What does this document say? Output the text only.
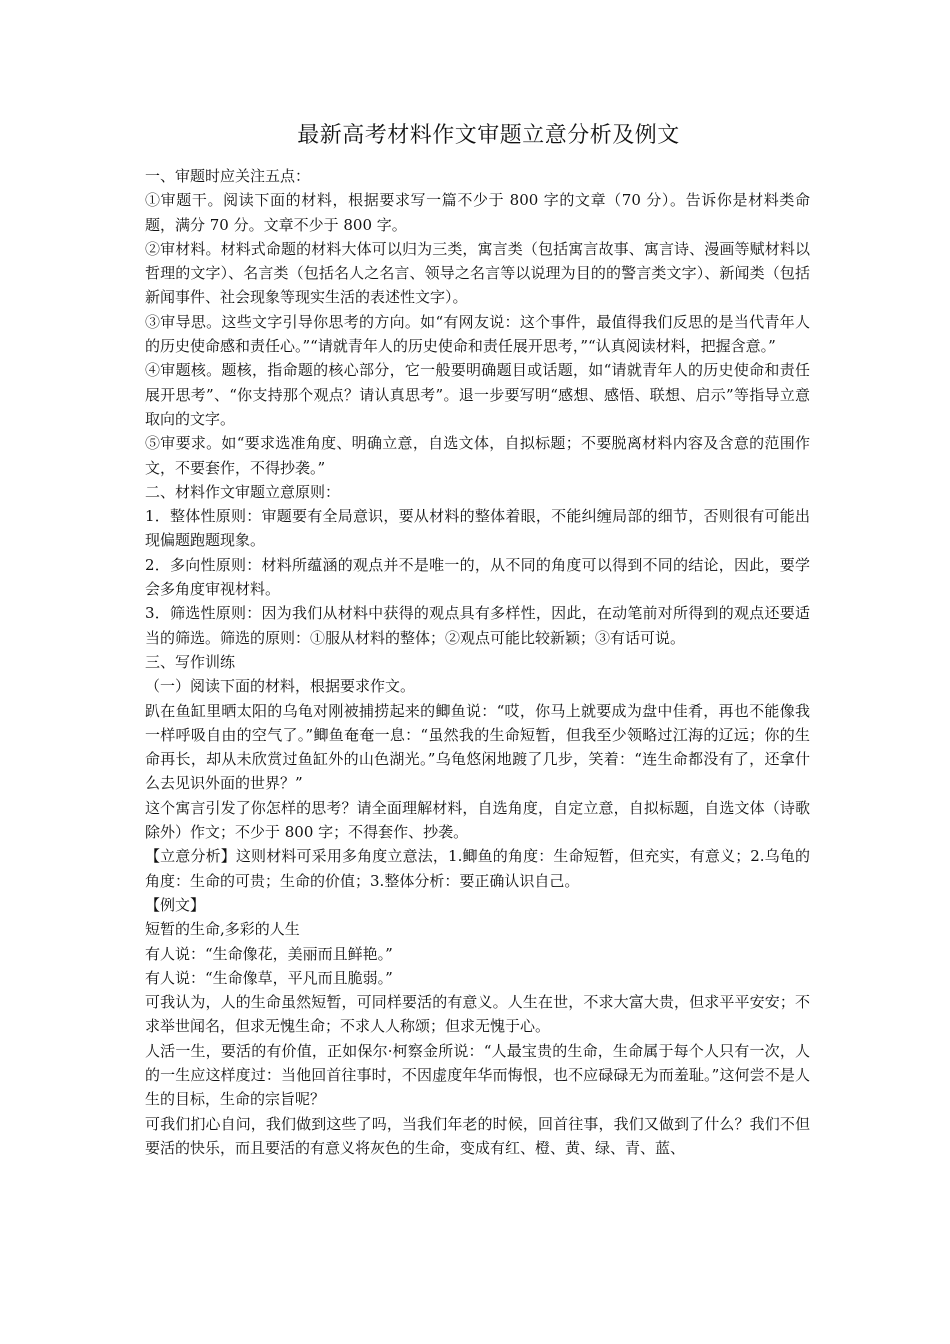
最新高考材料作文审题立意分析及例文

一、审题时应关注五点：

①审题干。阅读下面的材料，根据要求写一篇不少于 800 字的文章（70 分）。告诉你是材料类命题，满分 70 分。文章不少于 800 字。

②审材料。材料式命题的材料大体可以归为三类，寓言类（包括寓言故事、寓言诗、漫画等赋材料以哲理的文字）、名言类（包括名人之名言、领导之名言等以说理为目的的警言类文字）、新闻类（包括新闻事件、社会现象等现实生活的表述性文字）。

③审导思。这些文字引导你思考的方向。如“有网友说：这个事件，最值得我们反思的是当代青年人的历史使命感和责任心。”“请就青年人的历史使命和责任展开思考，”“认真阅读材料，把握含意。”

④审题核。题核，指命题的核心部分，它一般要明确题目或话题，如“请就青年人的历史使命和责任展开思考”、“你支持那个观点？请认真思考”。退一步要写明“感想、感悟、联想、启示”等指导立意取向的文字。

⑤审要求。如“要求选准角度、明确立意，自选文体，自拟标题；不要脱离材料内容及含意的范围作文，不要套作，不得抄袭。”

二、材料作文审题立意原则：

1．整体性原则：审题要有全局意识，要从材料的整体着眼，不能纠缠局部的细节，否则很有可能出现偏题跑题现象。

2．多向性原则：材料所蕴涵的观点并不是唯一的，从不同的角度可以得到不同的结论，因此，要学会多角度审视材料。

3．筛选性原则：因为我们从材料中获得的观点具有多样性，因此，在动笔前对所得到的观点还要适当的筛选。筛选的原则：①服从材料的整体；②观点可能比较新颖；③有话可说。

三、写作训练

（一）阅读下面的材料，根据要求作文。

趴在鱼缸里晒太阳的乌龟对刚被捕捞起来的鲫鱼说：“哎，你马上就要成为盘中佳肴，再也不能像我一样呼吸自由的空气了。”鲫鱼奄奄一息：“虽然我的生命短暂，但我至少领略过江海的辽远；你的生命再长，却从未欣赏过鱼缸外的山色湖光。”乌龟悠闲地踱了几步，笑着：“连生命都没有了，还拿什么去见识外面的世界？”

这个寓言引发了你怎样的思考？请全面理解材料，自选角度，自定立意，自拟标题，自选文体（诗歌除外）作文；不少于 800 字；不得套作、抄袭。

【立意分析】这则材料可采用多角度立意法，1.鲫鱼的角度：生命短暂，但充实，有意义；2.乌龟的角度：生命的可贵；生命的价值；3.整体分析：要正确认识自己。

【例文】

短暂的生命,多彩的人生

有人说：“生命像花，美丽而且鲜艳。”

有人说：“生命像草，平凡而且脆弱。”

可我认为，人的生命虽然短暂，可同样要活的有意义。人生在世，不求大富大贵，但求平平安安；不求举世闻名，但求无愧生命；不求人人称颂；但求无愧于心。

人活一生，要活的有价值，正如保尔·柯察金所说：“人最宝贵的生命，生命属于每个人只有一次，人的一生应这样度过：当他回首往事时，不因虚度年华而悔恨，也不应碌碌无为而羞耻。”这何尝不是人生的目标，生命的宗旨呢？

可我们扪心自问，我们做到这些了吗，当我们年老的时候，回首往事，我们又做到了什么？我们不但要活的快乐，而且要活的有意义将灰色的生命，变成有红、橙、黄、绿、青、蓝、
